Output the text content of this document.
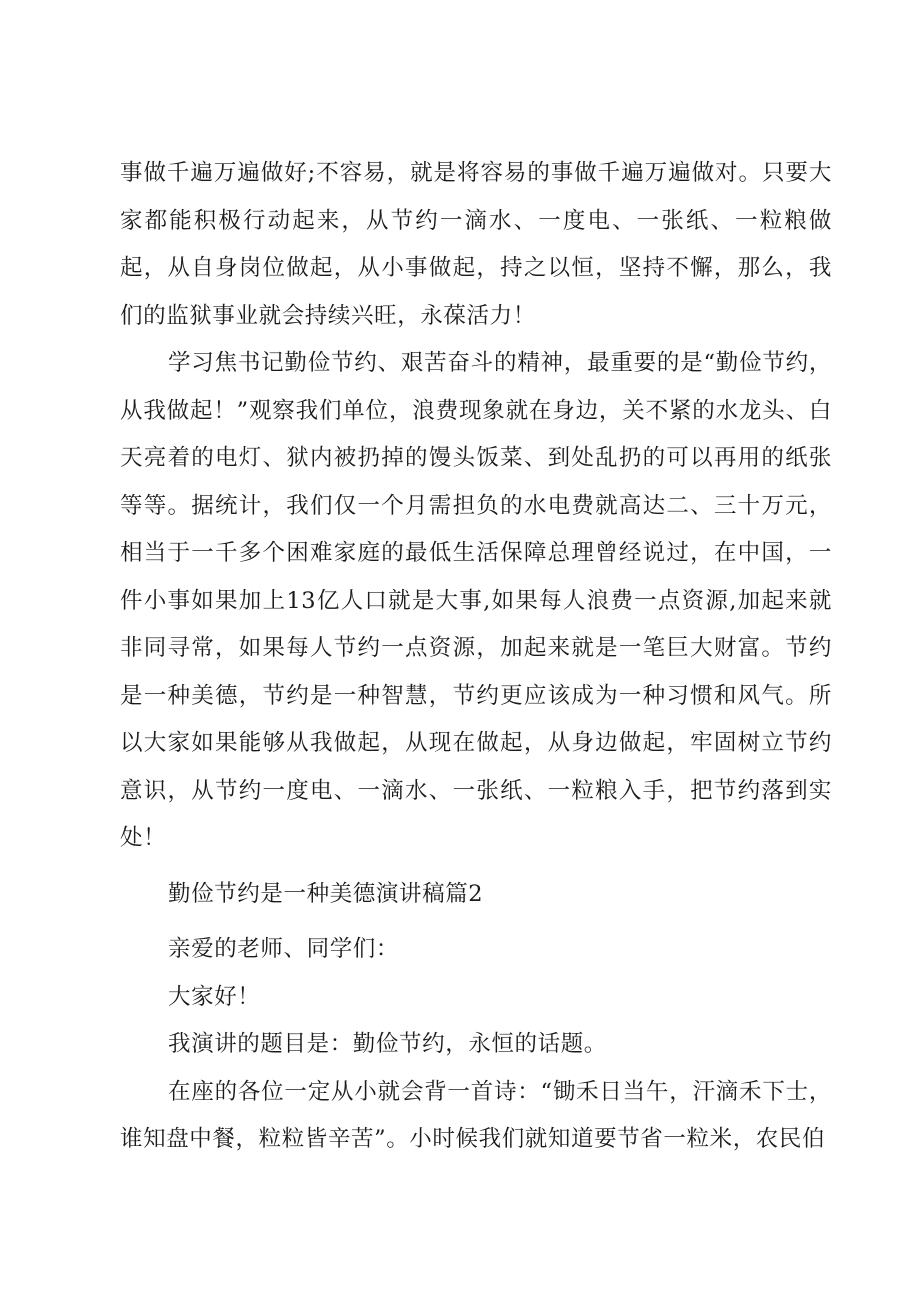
事做千遍万遍做好;不容易，就是将容易的事做千遍万遍做对。只要大家都能积极行动起来，从节约一滴水、一度电、一张纸、一粒粮做起，从自身岗位做起，从小事做起，持之以恒，坚持不懈，那么，我们的监狱事业就会持续兴旺，永葆活力！

学习焦书记勤俭节约、艰苦奋斗的精神，最重要的是“勤俭节约，从我做起！”观察我们单位，浪费现象就在身边，关不紧的水龙头、白天亮着的电灯、狱内被扔掉的馒头饭菜、到处乱扔的可以再用的纸张等等。据统计，我们仅一个月需担负的水电费就高达二、三十万元，相当于一千多个困难家庭的最低生活保障总理曾经说过，在中国，一件小事如果加上13亿人口就是大事,如果每人浪费一点资源,加起来就非同寻常，如果每人节约一点资源，加起来就是一笔巨大财富。节约是一种美德，节约是一种智慧，节约更应该成为一种习惯和风气。所以大家如果能够从我做起，从现在做起，从身边做起，牢固树立节约意识，从节约一度电、一滴水、一张纸、一粒粮入手，把节约落到实处！

勤俭节约是一种美德演讲稿篇2

亲爱的老师、同学们：

大家好！

我演讲的题目是：勤俭节约，永恒的话题。

在座的各位一定从小就会背一首诗：“锄禾日当午，汗滴禾下士，谁知盘中餐，粒粒皆辛苦”。小时候我们就知道要节省一粒米，农民伯
